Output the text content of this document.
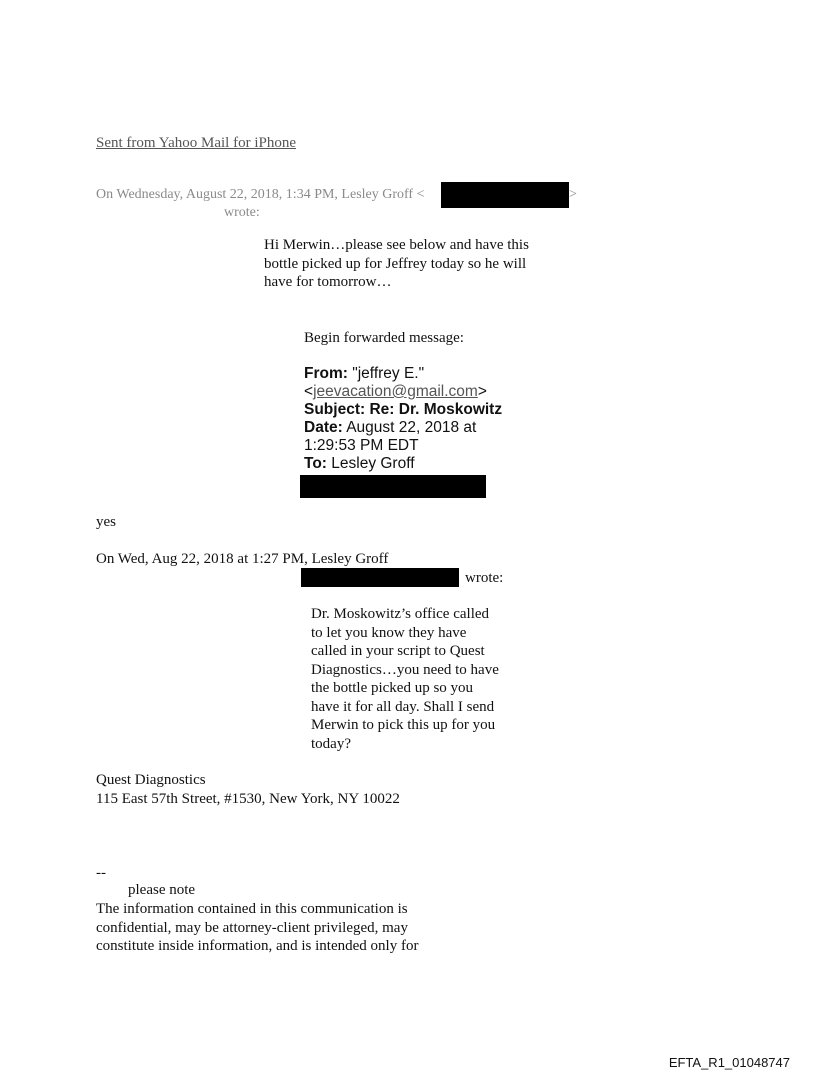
Sent from Yahoo Mail for iPhone
On Wednesday, August 22, 2018, 1:34 PM, Lesley Groff <	>
wrote:
Hi Merwin…please see below and have this
bottle picked up for Jeffrey today so he will
have for tomorrow…
Begin forwarded message:
From: "jeffrey E."
<jeevacation@gmail.com>
Subject: Re: Dr. Moskowitz
Date: August 22, 2018 at
1:29:53 PM EDT
To: Lesley Groff
yes
On Wed, Aug 22, 2018 at 1:27 PM, Lesley Groff
wrote:
Dr. Moskowitz’s office called
to let you know they have
called in your script to Quest
Diagnostics…you need to have
the bottle picked up so you
have it for all day. Shall I send
Merwin to pick this up for you
today?
Quest Diagnostics
115 East 57th Street, #1530, New York, NY 10022
--
please note
The information contained in this communication is
confidential, may be attorney-client privileged, may
constitute inside information, and is intended only for
EFTA_R1_01048747
